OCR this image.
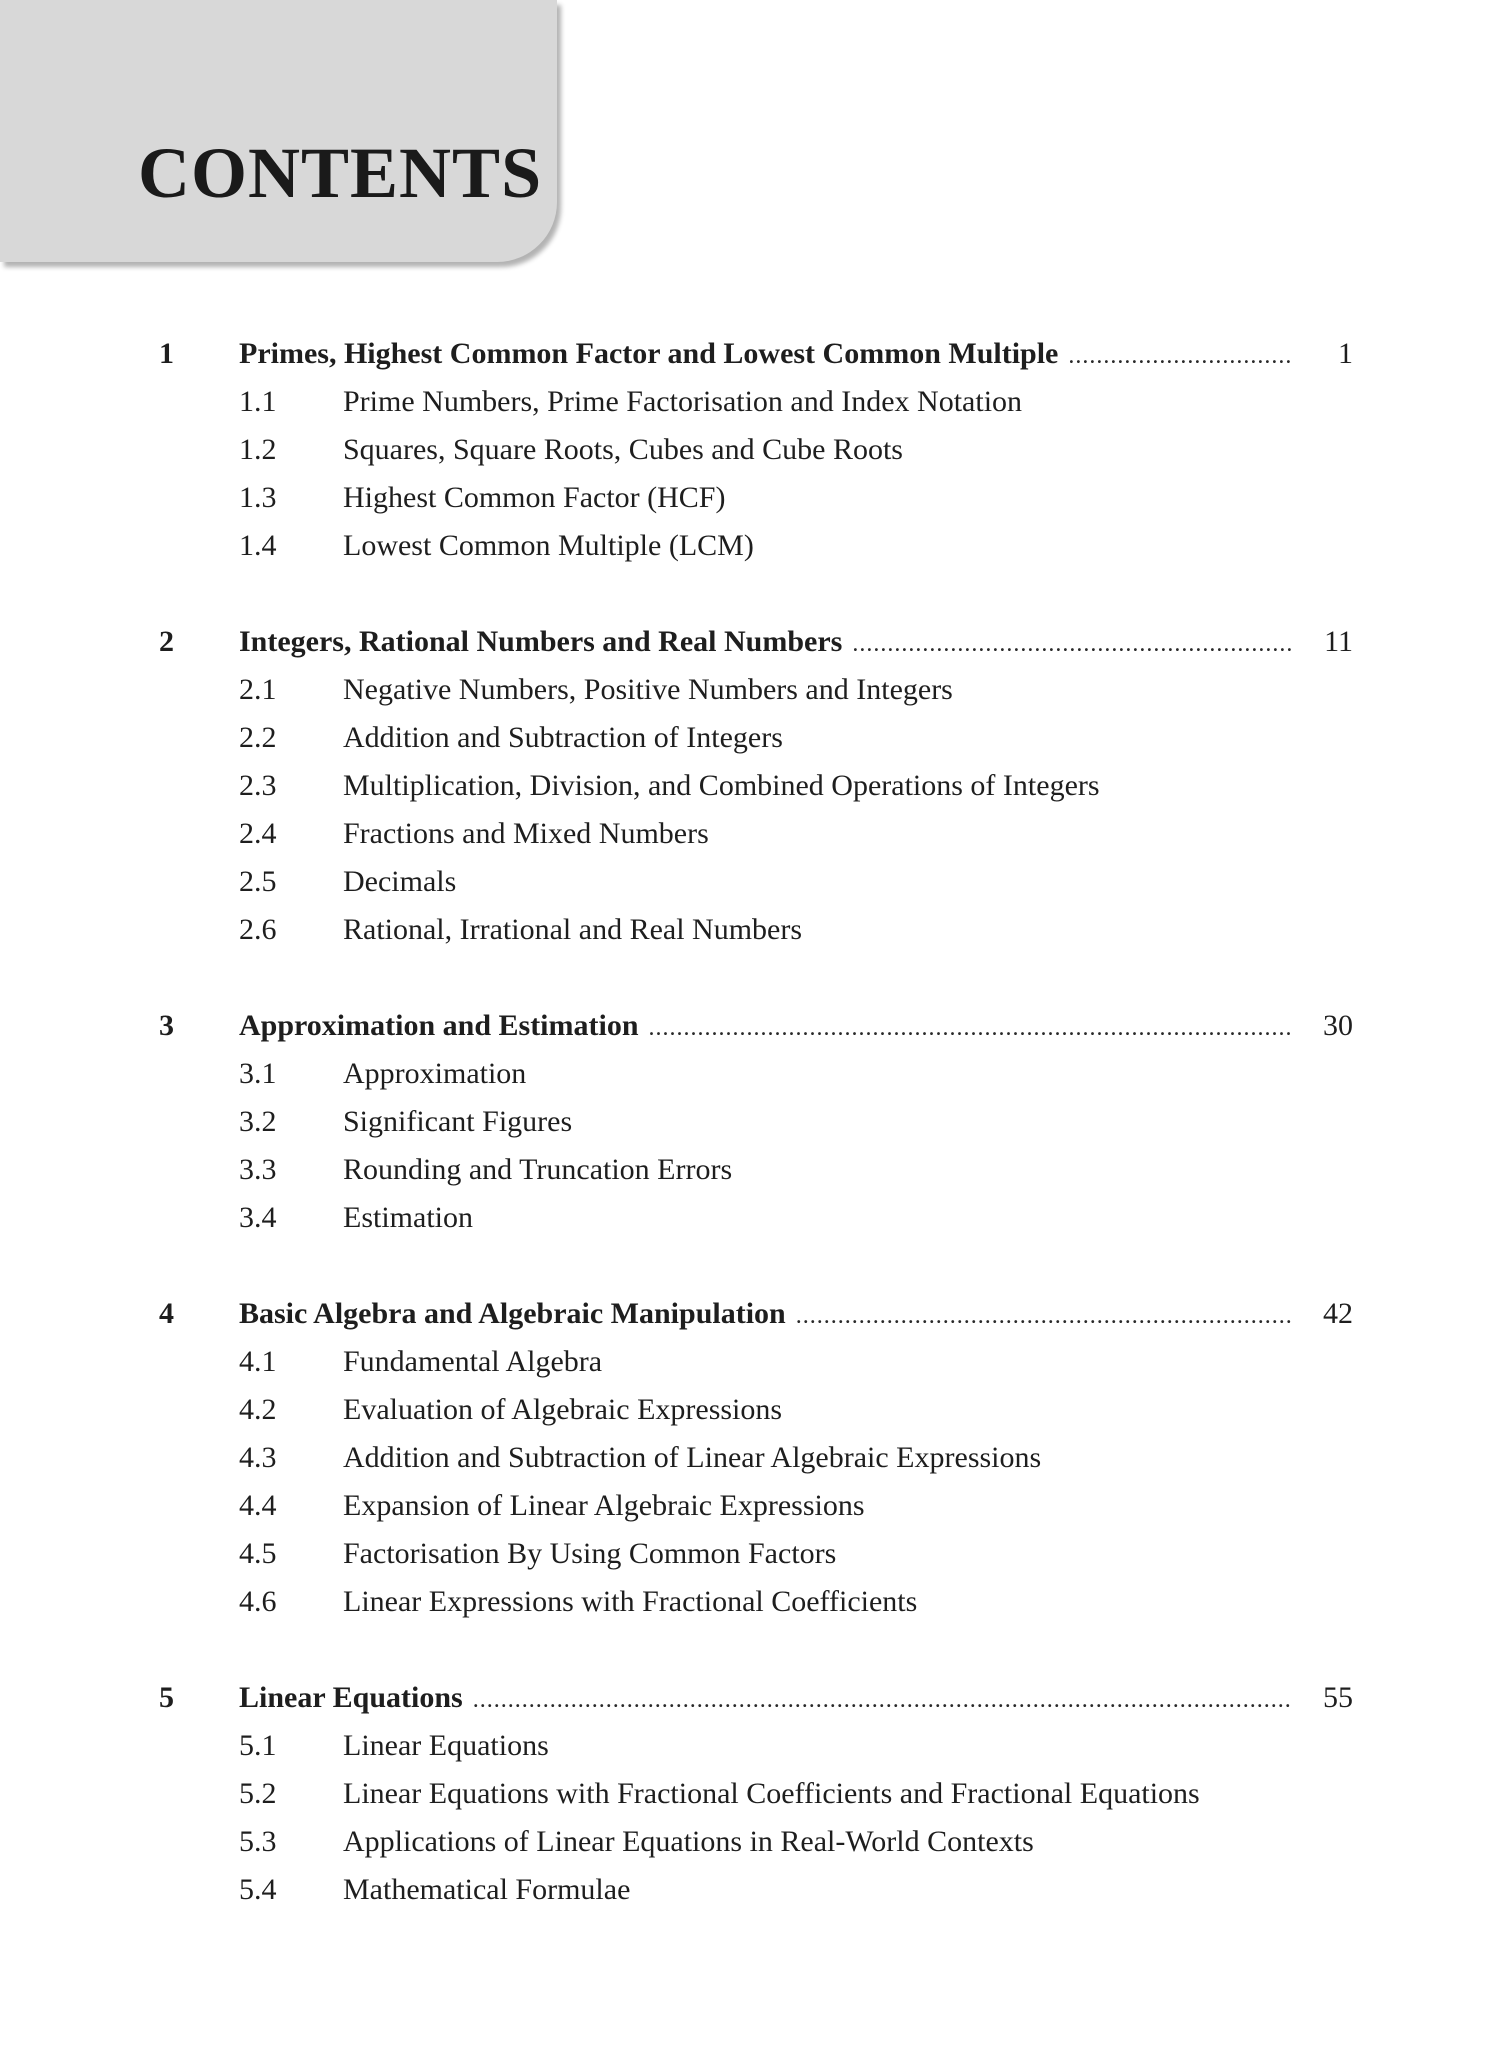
CONTENTS
1 Primes, Highest Common Factor and Lowest Common Multiple .....	1
1.1 Prime Numbers, Prime Factorisation and Index Notation
1.2 Squares, Square Roots, Cubes and Cube Roots
1.3 Highest Common Factor (HCF)
1.4 Lowest Common Multiple (LCM)
2 Integers, Rational Numbers and Real Numbers .....	11
2.1 Negative Numbers, Positive Numbers and Integers
2.2 Addition and Subtraction of Integers
2.3 Multiplication, Division, and Combined Operations of Integers
2.4 Fractions and Mixed Numbers
2.5 Decimals
2.6 Rational, Irrational and Real Numbers
3 Approximation and Estimation .....	30
3.1 Approximation
3.2 Significant Figures
3.3 Rounding and Truncation Errors
3.4 Estimation
4 Basic Algebra and Algebraic Manipulation .....	42
4.1 Fundamental Algebra
4.2 Evaluation of Algebraic Expressions
4.3 Addition and Subtraction of Linear Algebraic Expressions
4.4 Expansion of Linear Algebraic Expressions
4.5 Factorisation By Using Common Factors
4.6 Linear Expressions with Fractional Coefficients
5 Linear Equations .....	55
5.1 Linear Equations
5.2 Linear Equations with Fractional Coefficients and Fractional Equations
5.3 Applications of Linear Equations in Real-World Contexts
5.4 Mathematical Formulae
